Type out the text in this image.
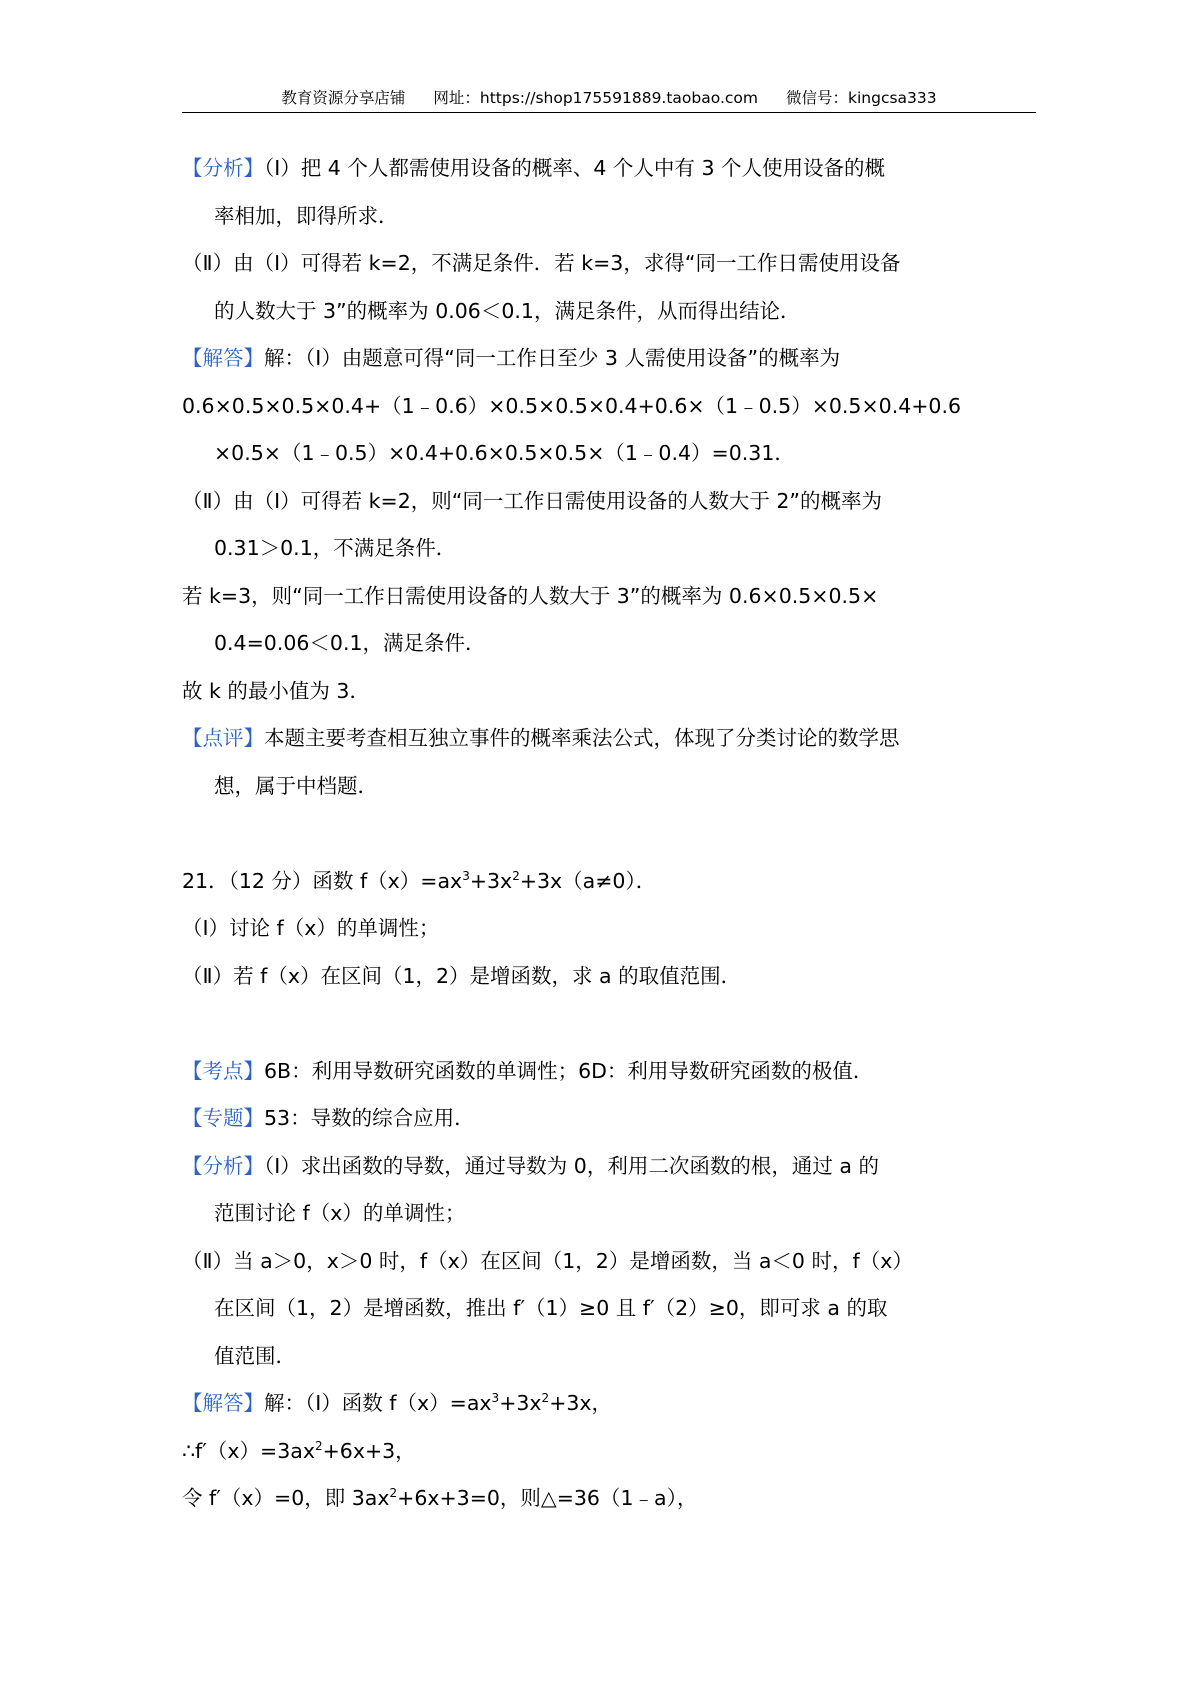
教育资源分享店铺 网址：https://shop175591889.taobao.com 微信号：kingcsa333

【分析】（Ⅰ）把 4 个人都需使用设备的概率、4 个人中有 3 个人使用设备的概
率相加，即得所求．

（Ⅱ）由（Ⅰ）可得若 k=2，不满足条件．若 k=3，求得“同一工作日需使用设备
的人数大于 3”的概率为 0.06＜0.1，满足条件，从而得出结论．

【解答】解：（Ⅰ）由题意可得“同一工作日至少 3 人需使用设备”的概率为

0.6×0.5×0.5×0.4+（1﹣0.6）×0.5×0.5×0.4+0.6×（1﹣0.5）×0.5×0.4+0.6
×0.5×（1﹣0.5）×0.4+0.6×0.5×0.5×（1﹣0.4）=0.31．

（Ⅱ）由（Ⅰ）可得若 k=2，则“同一工作日需使用设备的人数大于 2”的概率为
0.31＞0.1，不满足条件．

若 k=3，则“同一工作日需使用设备的人数大于 3”的概率为 0.6×0.5×0.5×
0.4=0.06＜0.1，满足条件．

故 k 的最小值为 3．

【点评】本题主要考查相互独立事件的概率乘法公式，体现了分类讨论的数学思
想，属于中档题．

21．（12 分）函数 $f(x)=ax^3+3x^2+3x(a\ne 0)$．

（Ⅰ）讨论 f（x）的单调性；

（Ⅱ）若 f（x）在区间（1，2）是增函数，求 a 的取值范围．

【考点】6B：利用导数研究函数的单调性；6D：利用导数研究函数的极值．

【专题】53：导数的综合应用．

【分析】（Ⅰ）求出函数的导数，通过导数为 0，利用二次函数的根，通过 a 的
范围讨论 f（x）的单调性；

（Ⅱ）当 a＞0，x＞0 时，f（x）在区间（1，2）是增函数，当 a＜0 时，f（x）
在区间（1，2）是增函数，推出 f′（1）≥0 且 f′（2）≥0，即可求 a 的取
值范围．

【解答】解：（Ⅰ）函数 $f(x)=ax^3+3x^2+3x$，

$\therefore f'(x)=3ax^2+6x+3$，

令 f′（x）=0，即 $3ax^2+6x+3=0$，则△=36（1﹣a），
